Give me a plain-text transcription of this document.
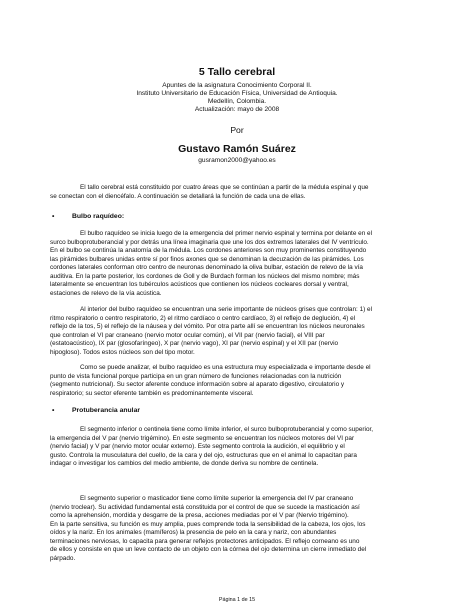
5 Tallo cerebral
Apuntes de la asignatura Conocimiento Corporal II.
Instituto Universitario de Educación Física, Universidad de Antioquia.
Medellín, Colombia.
Actualización: mayo de 2008
Por
Gustavo Ramón Suárez
gusramon2000@yahoo.es
El tallo cerebral está constituido por cuatro áreas que se continúan a partir de la médula espinal y que
se conectan con el diencéfalo. A continuación se detallará la función de cada una de ellas.
•	Bulbo raquídeo:
El bulbo raquídeo se inicia luego de la emergencia del primer nervio espinal y termina por delante en el
surco bulboprotuberancial y por detrás una línea imaginaria que une los dos extremos laterales del IV ventrículo.
En el bulbo se continúa la anatomía de la médula. Los cordones anteriores son muy prominentes constituyendo
las pirámides bulbares unidas entre sí por finos axones que se denominan la decuzación de las pirámides. Los
cordones laterales conforman otro centro de neuronas denominado la oliva bulbar, estación de relevo de la vía
auditiva. En la parte posterior, los cordones de Goll y de Burdach forman los núcleos del mismo nombre; más
lateralmente se encuentran los tubérculos acústicos que contienen los núcleos cocleares dorsal y ventral,
estaciones de relevo de la vía acústica.
Al interior del bulbo raquídeo se encuentran una serie importante de núcleos grises que controlan: 1) el
ritmo respiratorio o centro respiratorio, 2) el ritmo cardíaco o centro cardíaco, 3) el reflejo de deglución, 4) el
reflejo de la tos, 5) el reflejo de la náusea y del vómito. Por otra parte allí se encuentran los núcleos neuronales
que controlan el VI par craneano (nervio motor ocular común), el VII par (nervio facial), el VIII par
(estatoacústico), IX par (glosofaríngeo), X par (nervio vago), XI par (nervio espinal) y el XII par (nervio
hipogloso). Todos estos núcleos son del tipo motor.
Como se puede analizar, el bulbo raquídeo es una estructura muy especializada e importante desde el
punto de vista funcional porque participa en un gran número de funciones relacionadas con la nutrición
(segmento nutricional). Su sector aferente conduce información sobre al aparato digestivo, circulatorio y
respiratorio; su sector eferente también es predominantemente visceral.
•	Protuberancia anular
El segmento inferior o centinela tiene como límite inferior, el surco bulboprotuberancial y como superior,
la emergencia del V par (nervio trigémino). En este segmento se encuentran los núcleos motores del VI par
(nervio facial) y V par (nervio motor ocular externo). Este segmento controla la audición, el equilibrio y el
gusto. Controla la musculatura del cuello, de la cara y del ojo, estructuras que en el animal lo capacitan para
indagar o investigar los cambios del medio ambiente, de donde deriva su nombre de centinela.
El segmento superior o masticador tiene como límite superior la emergencia del IV par craneano
(nervio troclear). Su actividad fundamental está constituida por el control de que se sucede la masticación así
como la aprehensión, mordida y desgarre de la presa, acciones mediadas por el V par (Nervio trigémino).
En la parte sensitiva, su función es muy amplia, pues comprende toda la sensibilidad de la cabeza, los ojos, los
oídos y la nariz. En los animales (mamíferos) la presencia de pelo en la cara y nariz, con abundantes
terminaciones nerviosas, lo capacita para generar reflejos protectores anticipados. El reflejo corneano es uno
de ellos y consiste en que un leve contacto de un objeto con la córnea del ojo determina un cierre inmediato del
párpado.
Página 1 de 15
